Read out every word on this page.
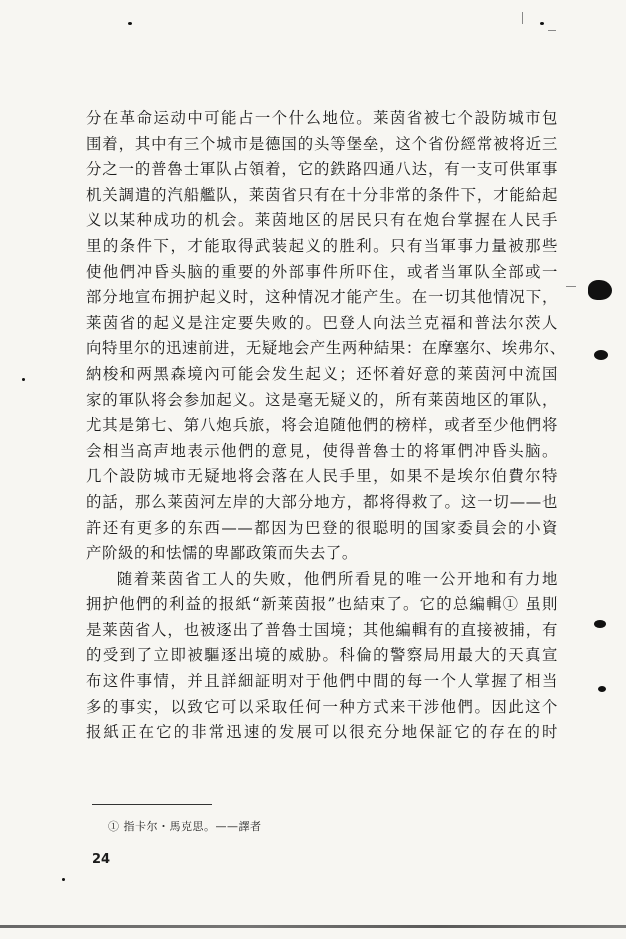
分在革命运动中可能占一个什么地位。莱茵省被七个設防城市包
围着，其中有三个城市是德国的头等堡垒，这个省份經常被将近三
分之一的普魯士軍队占領着，它的鉄路四通八达，有一支可供軍事
机关調遣的汽船艦队，莱茵省只有在十分非常的条件下，才能給起
义以某种成功的机会。莱茵地区的居民只有在炮台掌握在人民手
里的条件下，才能取得武装起义的胜利。只有当軍事力量被那些
使他們冲昏头脑的重要的外部事件所吓住，或者当軍队全部或一
部分地宣布拥护起义时，这种情况才能产生。在一切其他情况下，
莱茵省的起义是注定要失败的。巴登人向法兰克福和普法尔茨人
向特里尔的迅速前进，无疑地会产生两种結果：在摩塞尔、埃弗尔、
納梭和两黑森境內可能会发生起义；还怀着好意的莱茵河中流国
家的軍队将会参加起义。这是毫无疑义的，所有莱茵地区的軍队，
尤其是第七、第八炮兵旅，将会追随他們的榜样，或者至少他們将
会相当高声地表示他們的意見，使得普魯士的将軍們冲昏头脑。
几个設防城市无疑地将会落在人民手里，如果不是埃尔伯費尔特
的話，那么莱茵河左岸的大部分地方，都将得救了。这一切——也
許还有更多的东西——都因为巴登的很聪明的国家委員会的小資
产阶級的和怯懦的卑鄙政策而失去了。
随着莱茵省工人的失败，他們所看見的唯一公开地和有力地
拥护他們的利益的报紙“新莱茵报”也結束了。它的总編輯① 虽則
是莱茵省人，也被逐出了普魯士国境；其他編輯有的直接被捕，有
的受到了立即被驅逐出境的威胁。科倫的警察局用最大的天真宣
布这件事情，并且詳細証明对于他們中間的每一个人掌握了相当
多的事实，以致它可以采取任何一种方式来干涉他們。因此这个
报紙正在它的非常迅速的发展可以很充分地保証它的存在的时
① 指卡尔・馬克思。——譯者
24
